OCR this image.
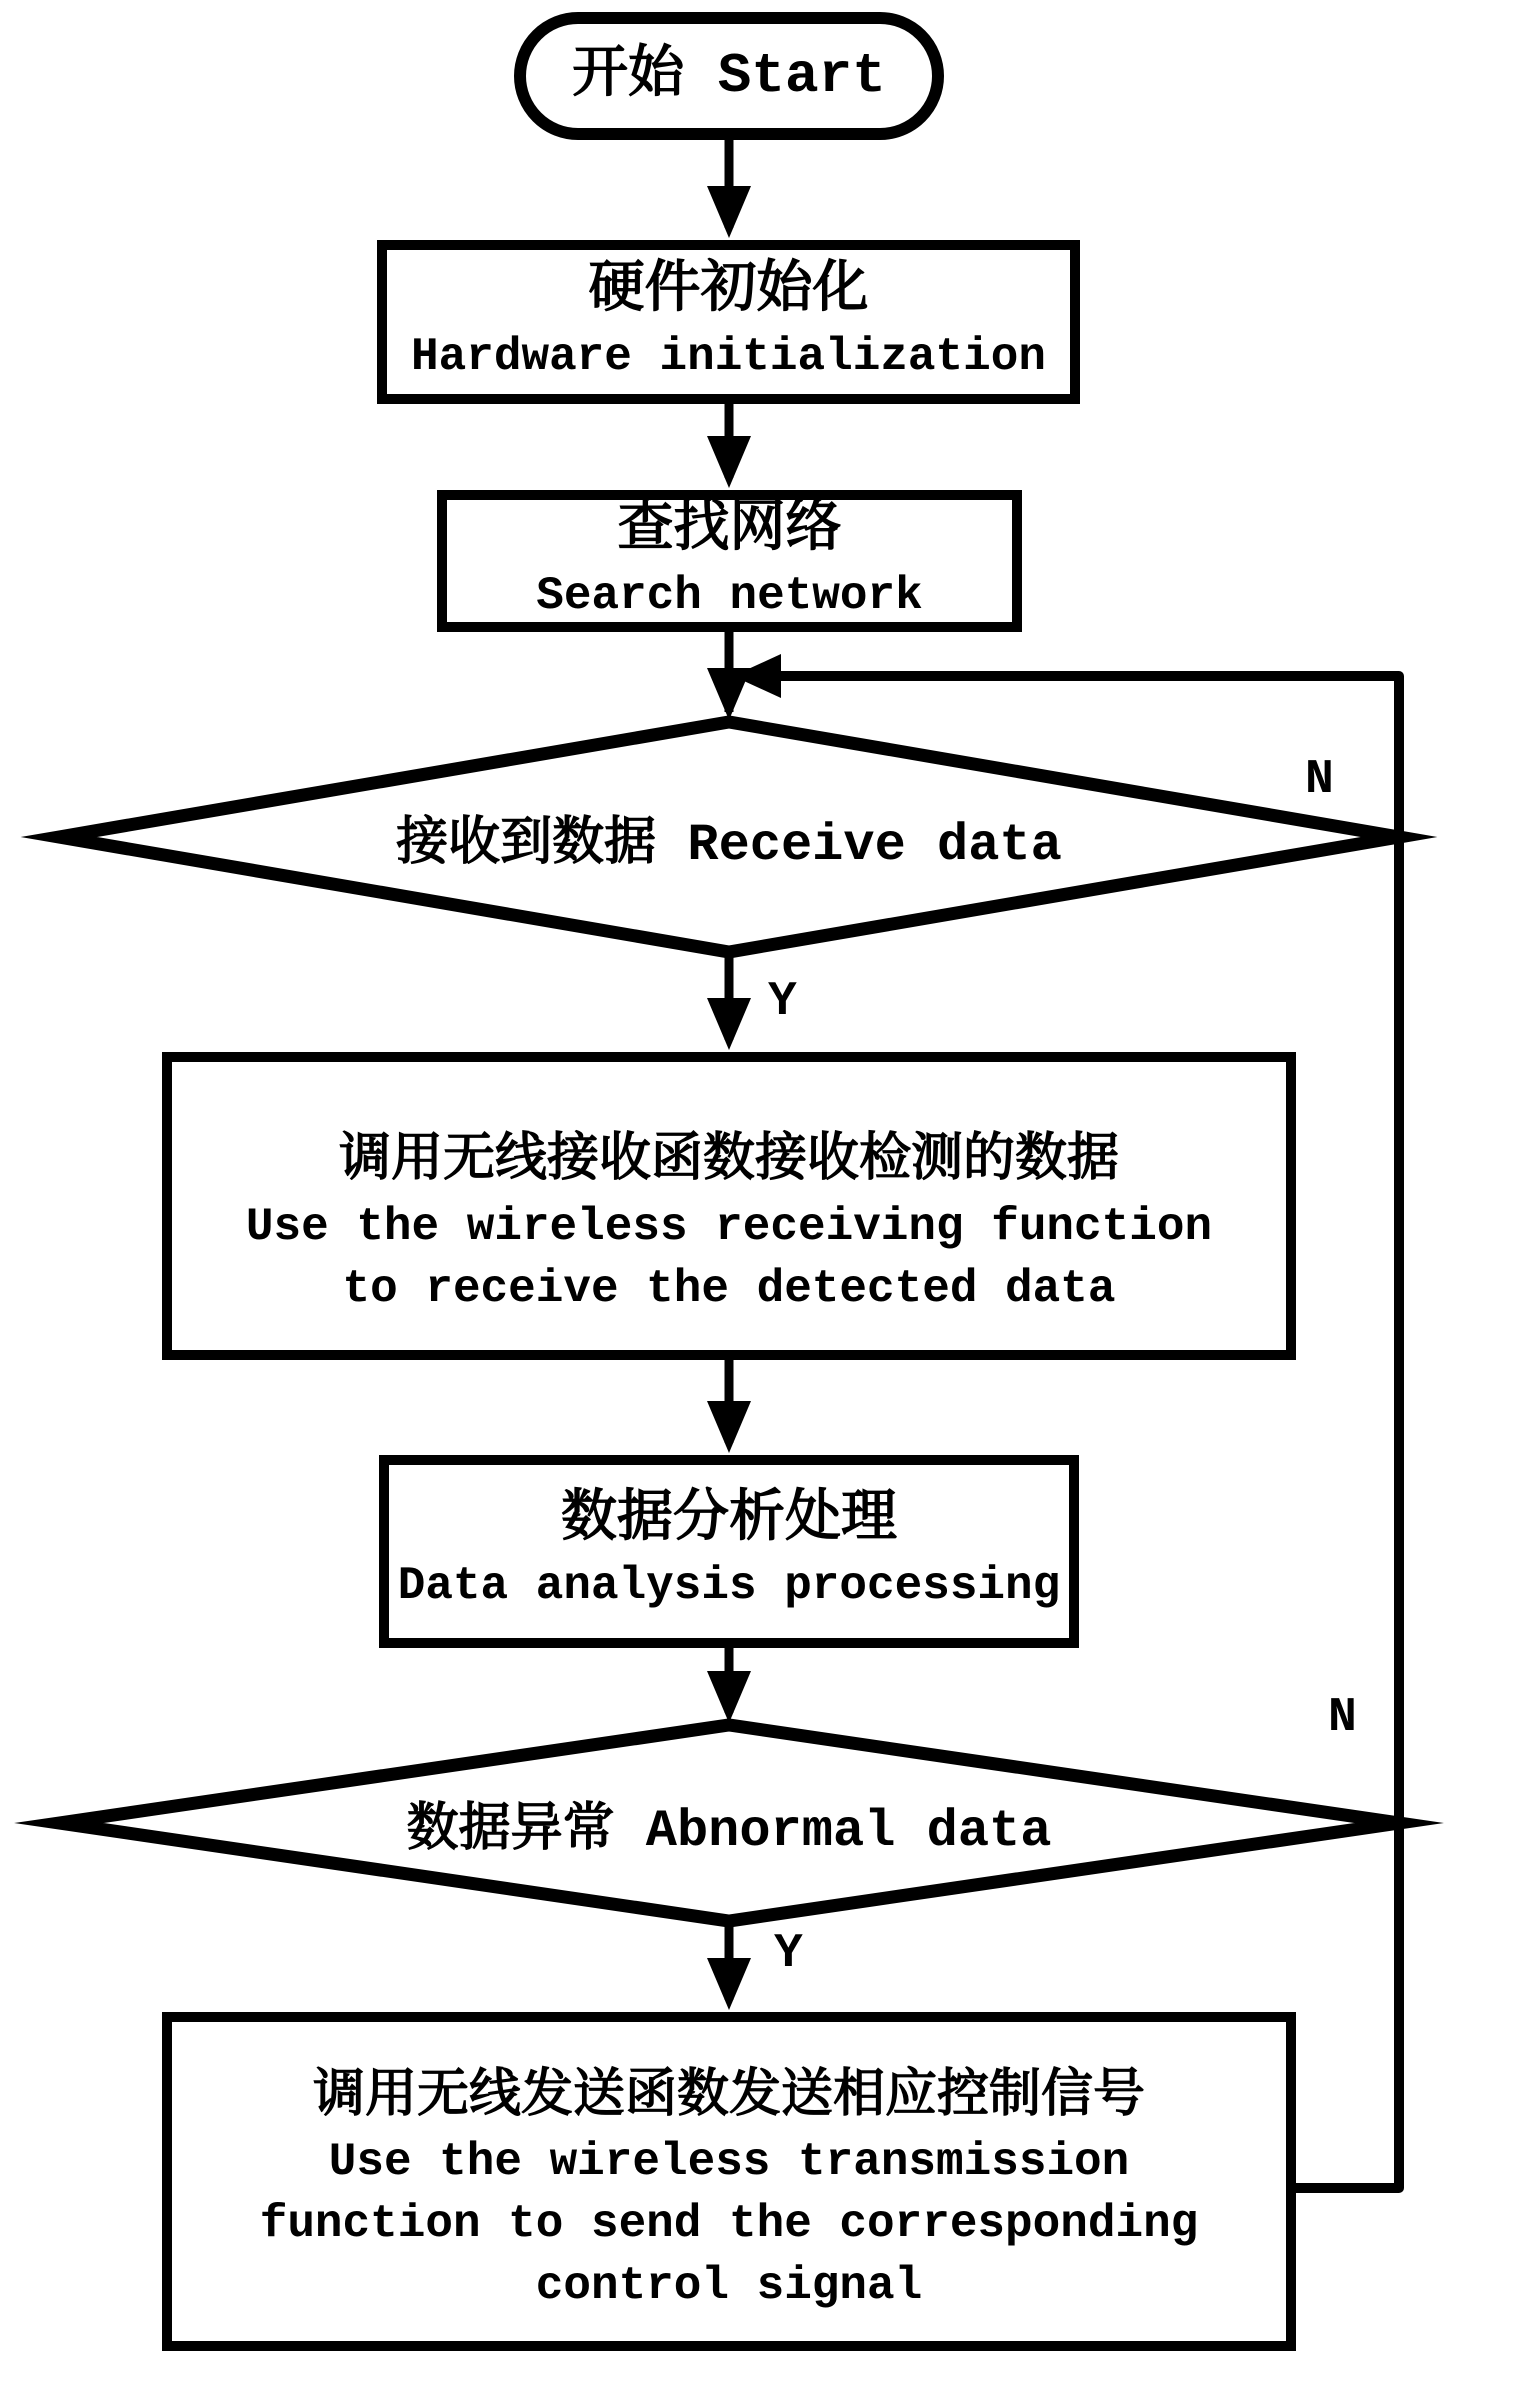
开始 Start
硬件初始化
Hardware initialization
查找网络
Search network
接收到数据 Receive data
N
Y
调用无线接收函数接收检测的数据
Use the wireless receiving function
to receive the detected data
数据分析处理
Data analysis processing
数据异常 Abnormal data
N
Y
调用无线发送函数发送相应控制信号
Use the wireless transmission
function to send the corresponding
control signal
